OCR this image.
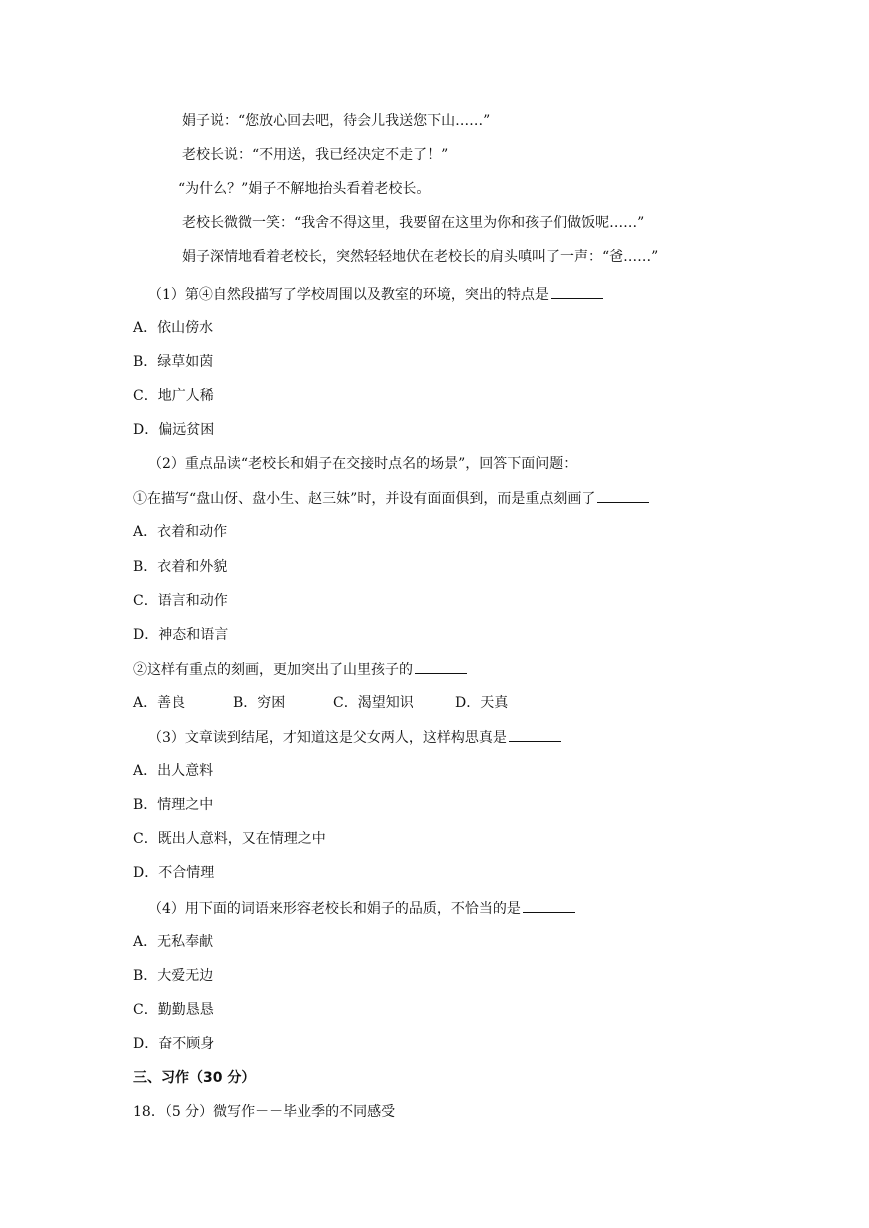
娟子说：“您放心回去吧，待会儿我送您下山……”
老校长说：“不用送，我已经决定不走了！”
“为什么？”娟子不解地抬头看着老校长。
老校长微微一笑：“我舍不得这里，我要留在这里为你和孩子们做饭呢……”
娟子深情地看着老校长，突然轻轻地伏在老校长的肩头嗔叫了一声：“爸……”
（1）第④自然段描写了学校周围以及教室的环境，突出的特点是
A．依山傍水
B．绿草如茵
C．地广人稀
D．偏远贫困
（2）重点品读“老校长和娟子在交接时点名的场景”，回答下面问题：
①在描写“盘山伢、盘小生、赵三妹”时，并设有面面俱到，而是重点刻画了
A．衣着和动作
B．衣着和外貌
C．语言和动作
D．神态和语言
②这样有重点的刻画，更加突出了山里孩子的
A．善良	B．穷困	C．渴望知识	D．天真
（3）文章读到结尾，才知道这是父女两人，这样构思真是
A．出人意料
B．情理之中
C．既出人意料，又在情理之中
D．不合情理
（4）用下面的词语来形容老校长和娟子的品质，不恰当的是
A．无私奉献
B．大爱无边
C．勤勤恳恳
D．奋不顾身
三、习作（30 分）
18．（5 分）微写作－－毕业季的不同感受
